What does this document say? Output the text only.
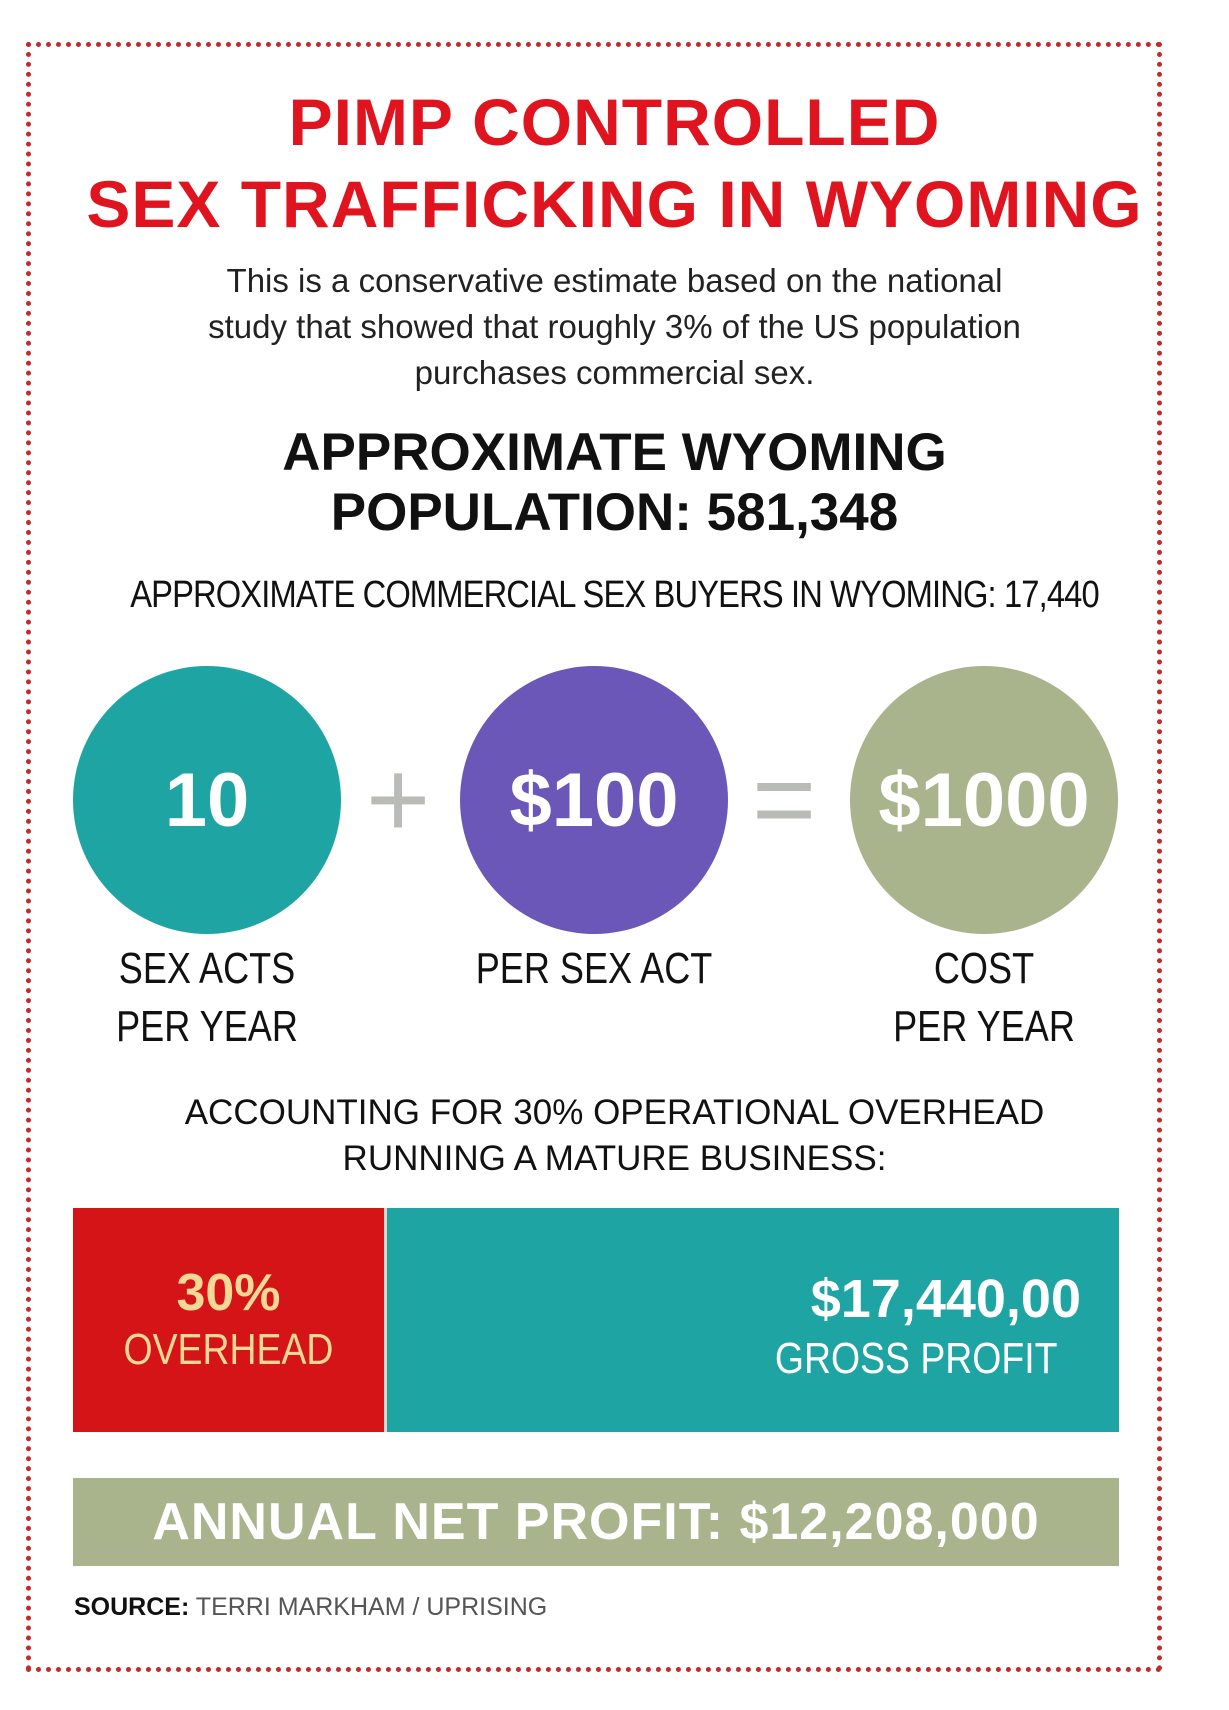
PIMP CONTROLLED
SEX TRAFFICKING IN WYOMING
This is a conservative estimate based on the national
study that showed that roughly 3% of the US population
purchases commercial sex.
APPROXIMATE WYOMING
POPULATION: 581,348
APPROXIMATE COMMERCIAL SEX BUYERS IN WYOMING: 17,440
10 + $100 = $1000
SEX ACTS
PER YEAR
PER SEX ACT	COST
PER YEAR
ACCOUNTING FOR 30% OPERATIONAL OVERHEAD
RUNNING A MATURE BUSINESS:
30%
OVERHEAD
$17,440,00
GROSS PROFIT
ANNUAL NET PROFIT: $12,208,000
SOURCE: TERRI MARKHAM / UPRISING
